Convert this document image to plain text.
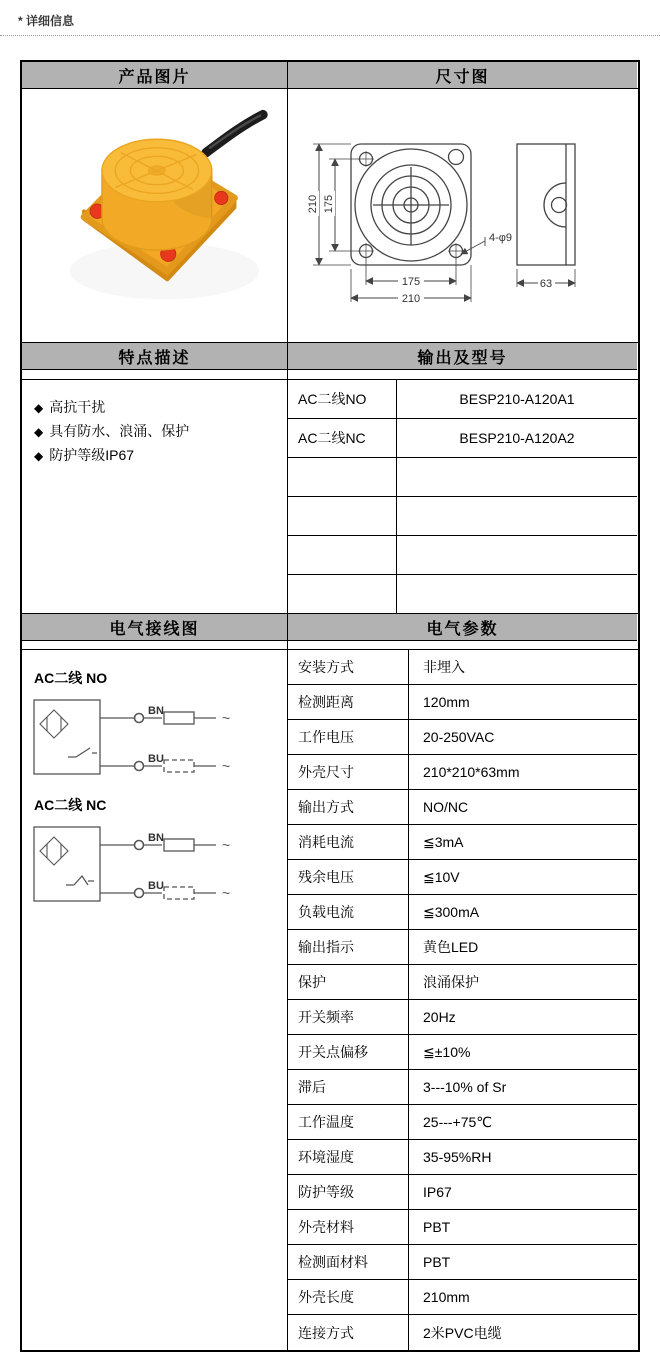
* 详细信息
产品图片	尺寸图
210 175
175
210
4-φ9
63
特点描述	输出及型号
◆ 高抗干扰
◆ 具有防水、浪涌、保护
◆ 防护等级IP67
AC二线NO	BESP210-A120A1
AC二线NC	BESP210-A120A2
电气接线图	电气参数
AC二线 NO
BN
BU
~
~
AC二线 NC
BN
BU
~
~
安装方式	非埋入
检测距离	120mm
工作电压	20-250VAC
外壳尺寸	210*210*63mm
输出方式	NO/NC
消耗电流	≦3mA
残余电压	≦10V
负载电流	≦300mA
输出指示	黄色LED
保护	浪涌保护
开关频率	20Hz
开关点偏移	≦±10%
滞后	3---10% of Sr
工作温度	25---+75℃
环境湿度	35-95%RH
防护等级	IP67
外壳材料	PBT
检测面材料	PBT
外壳长度	210mm
连接方式	2米PVC电缆
